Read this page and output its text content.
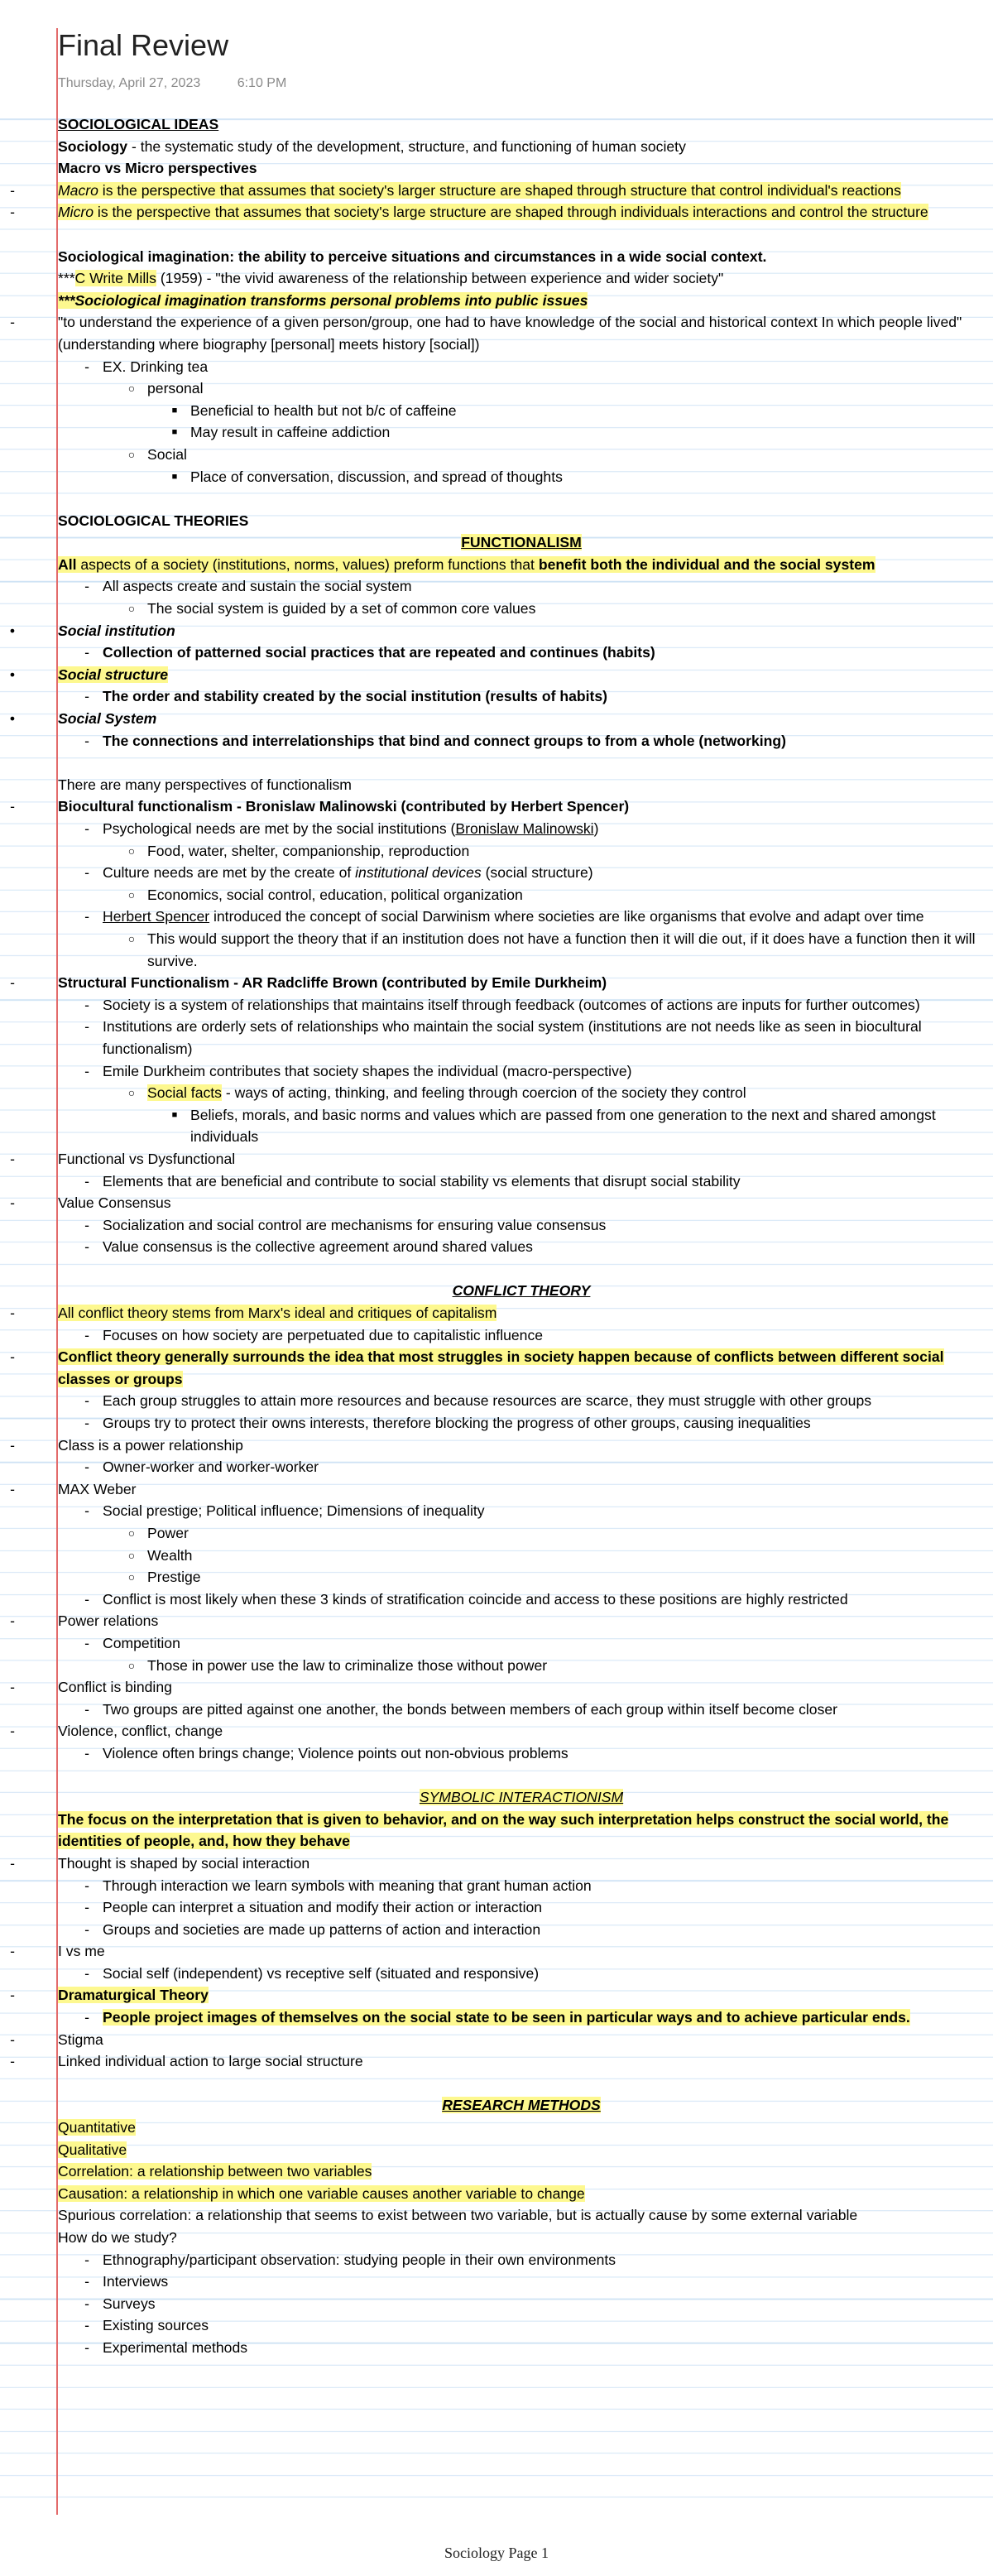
Final Review
Thursday, April 27, 2023	6:10 PM
SOCIOLOGICAL IDEAS
Sociology - the systematic study of the development, structure, and functioning of human society
Macro vs Micro perspectives
-	Macro is the perspective that assumes that society's larger structure are shaped through structure that control individual's reactions
-	Micro is the perspective that assumes that society's large structure are shaped through individuals interactions and control the structure
Sociological imagination: the ability to perceive situations and circumstances in a wide social context.
***C Write Mills (1959) - "the vivid awareness of the relationship between experience and wider society"
***Sociological imagination transforms personal problems into public issues
-	"to understand the experience of a given person/group, one had to have knowledge of the social and historical context In which people lived" (understanding where biography [personal] meets history [social])
- EX. Drinking tea
○ personal
■ Beneficial to health but not b/c of caffeine
■ May result in caffeine addiction
○ Social
■ Place of conversation, discussion, and spread of thoughts
SOCIOLOGICAL THEORIES
FUNCTIONALISM
All aspects of a society (institutions, norms, values) preform functions that benefit both the individual and the social system
- All aspects create and sustain the social system
○ The social system is guided by a set of common core values
•	Social institution
- Collection of patterned social practices that are repeated and continues (habits)
•	Social structure
- The order and stability created by the social institution (results of habits)
•	Social System
- The connections and interrelationships that bind and connect groups to from a whole (networking)
There are many perspectives of functionalism
-	Biocultural functionalism - Bronislaw Malinowski (contributed by Herbert Spencer)
- Psychological needs are met by the social institutions (Bronislaw Malinowski)
○ Food, water, shelter, companionship, reproduction
- Culture needs are met by the create of institutional devices (social structure)
○ Economics, social control, education, political organization
- Herbert Spencer introduced the concept of social Darwinism where societies are like organisms that evolve and adapt over time
○ This would support the theory that if an institution does not have a function then it will die out, if it does have a function then it will survive.
-	Structural Functionalism - AR Radcliffe Brown (contributed by Emile Durkheim)
- Society is a system of relationships that maintains itself through feedback (outcomes of actions are inputs for further outcomes)
- Institutions are orderly sets of relationships who maintain the social system (institutions are not needs like as seen in biocultural functionalism)
- Emile Durkheim contributes that society shapes the individual (macro-perspective)
○ Social facts - ways of acting, thinking, and feeling through coercion of the society they control
■ Beliefs, morals, and basic norms and values which are passed from one generation to the next and shared amongst individuals
-	Functional vs Dysfunctional
- Elements that are beneficial and contribute to social stability vs elements that disrupt social stability
-	Value Consensus
- Socialization and social control are mechanisms for ensuring value consensus
- Value consensus is the collective agreement around shared values
CONFLICT THEORY
-	All conflict theory stems from Marx's ideal and critiques of capitalism
- Focuses on how society are perpetuated due to capitalistic influence
-	Conflict theory generally surrounds the idea that most struggles in society happen because of conflicts between different social classes or groups
- Each group struggles to attain more resources and because resources are scarce, they must struggle with other groups
- Groups try to protect their owns interests, therefore blocking the progress of other groups, causing inequalities
-	Class is a power relationship
- Owner-worker and worker-worker
-	MAX Weber
- Social prestige; Political influence; Dimensions of inequality
○ Power
○ Wealth
○ Prestige
- Conflict is most likely when these 3 kinds of stratification coincide and access to these positions are highly restricted
-	Power relations
- Competition
○ Those in power use the law to criminalize those without power
-	Conflict is binding
- Two groups are pitted against one another, the bonds between members of each group within itself become closer
-	Violence, conflict, change
- Violence often brings change; Violence points out non-obvious problems
SYMBOLIC INTERACTIONISM
The focus on the interpretation that is given to behavior, and on the way such interpretation helps construct the social world, the identities of people, and, how they behave
-	Thought is shaped by social interaction
- Through interaction we learn symbols with meaning that grant human action
- People can interpret a situation and modify their action or interaction
- Groups and societies are made up patterns of action and interaction
-	I vs me
- Social self (independent) vs receptive self (situated and responsive)
-	Dramaturgical Theory
- People project images of themselves on the social state to be seen in particular ways and to achieve particular ends.
-	Stigma
-	Linked individual action to large social structure
RESEARCH METHODS
Quantitative
Qualitative
Correlation: a relationship between two variables
Causation: a relationship in which one variable causes another variable to change
Spurious correlation: a relationship that seems to exist between two variable, but is actually cause by some external variable
How do we study?
- Ethnography/participant observation: studying people in their own environments
- Interviews
- Surveys
- Existing sources
- Experimental methods
Sociology Page 1
